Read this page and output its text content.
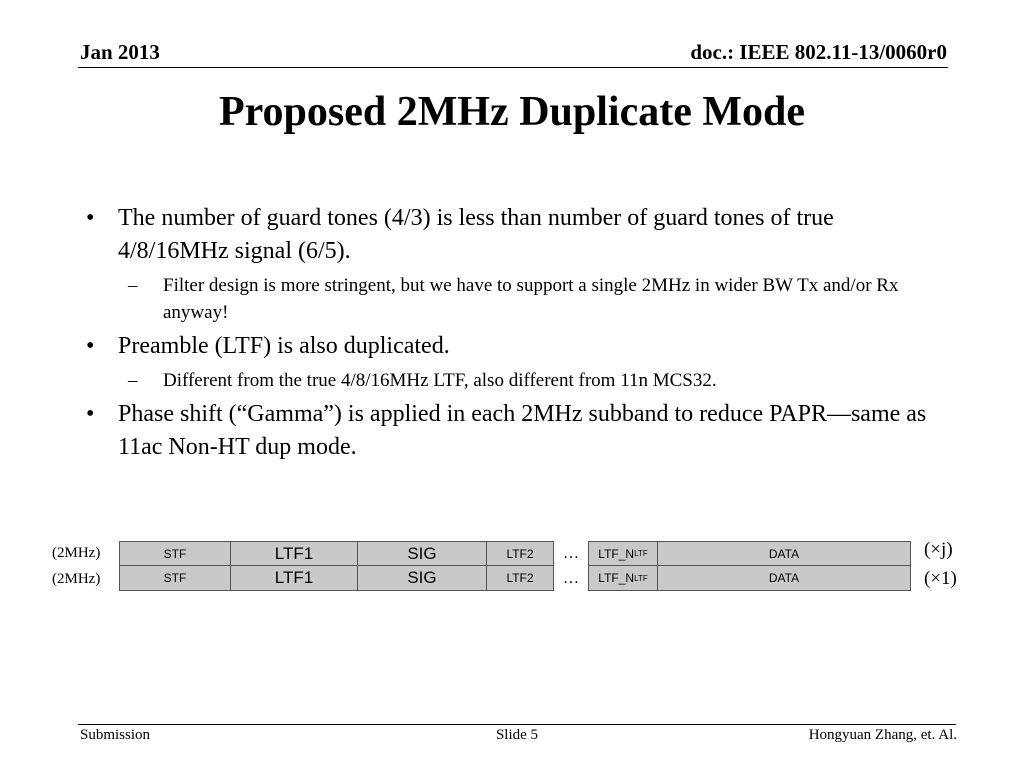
Jan 2013	doc.: IEEE 802.11-13/0060r0
Proposed 2MHz Duplicate Mode
• The number of guard tones (4/3) is less than number of guard tones of true 4/8/16MHz signal (6/5).
– Filter design is more stringent, but we have to support a single 2MHz in wider BW Tx and/or Rx anyway!
• Preamble (LTF) is also duplicated.
– Different from the true 4/8/16MHz LTF, also different from 11n MCS32.
• Phase shift (“Gamma”) is applied in each 2MHz subband to reduce PAPR—same as 11ac Non-HT dup mode.
(2MHz)
(2MHz)
STF	LTF1	SIG	LTF2	…	LTF_N LTF	DATA
STF	LTF1	SIG	LTF2	…	LTF_N LTF	DATA
(×j)
(×1)
Submission	Slide 5	Hongyuan Zhang, et. Al.
